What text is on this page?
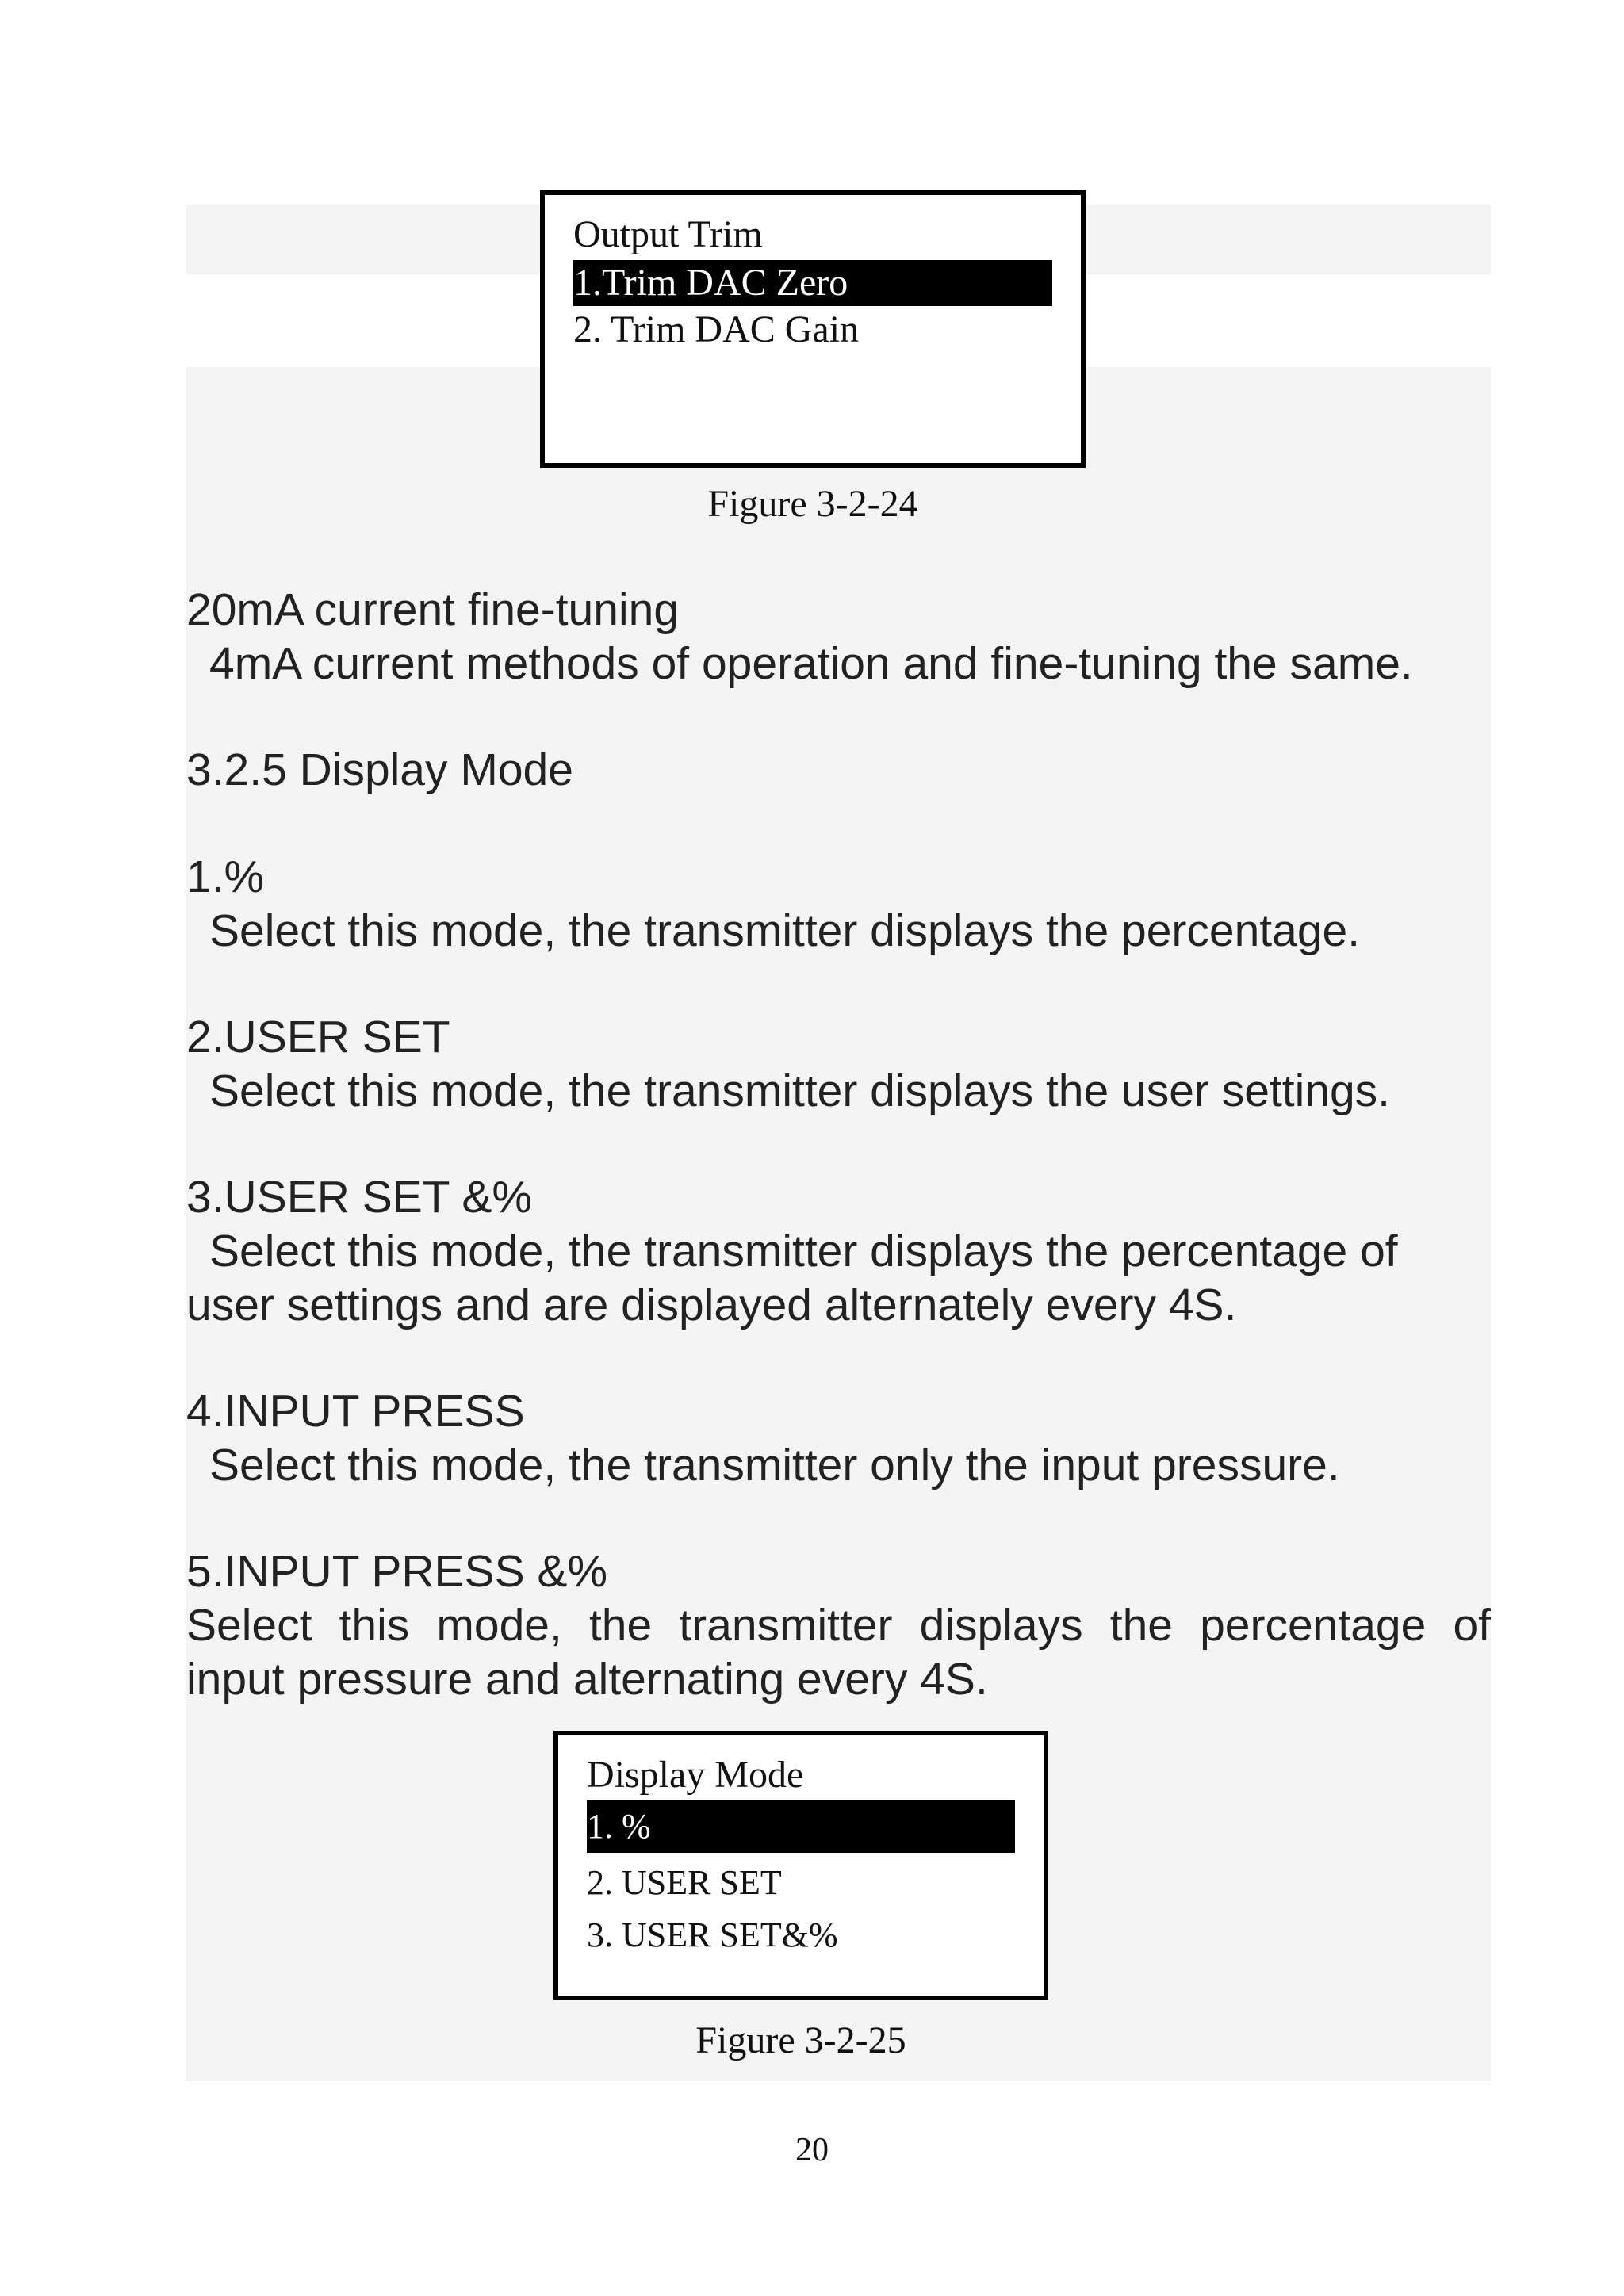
Output Trim
1.Trim DAC Zero
2. Trim DAC Gain
Figure 3-2-24
20mA current fine-tuning
4mA current methods of operation and fine-tuning the same.
3.2.5 Display Mode
1.%
Select this mode, the transmitter displays the percentage.
2.USER SET
Select this mode, the transmitter displays the user settings.
3.USER SET &%
Select this mode, the transmitter displays the percentage of
user settings and are displayed alternately every 4S.
4.INPUT PRESS
Select this mode, the transmitter only the input pressure.
5.INPUT PRESS &%
Select this mode, the transmitter displays the percentage of
input pressure and alternating every 4S.
Display Mode
1. %
2. USER SET
3. USER SET&%
Figure 3-2-25
20
